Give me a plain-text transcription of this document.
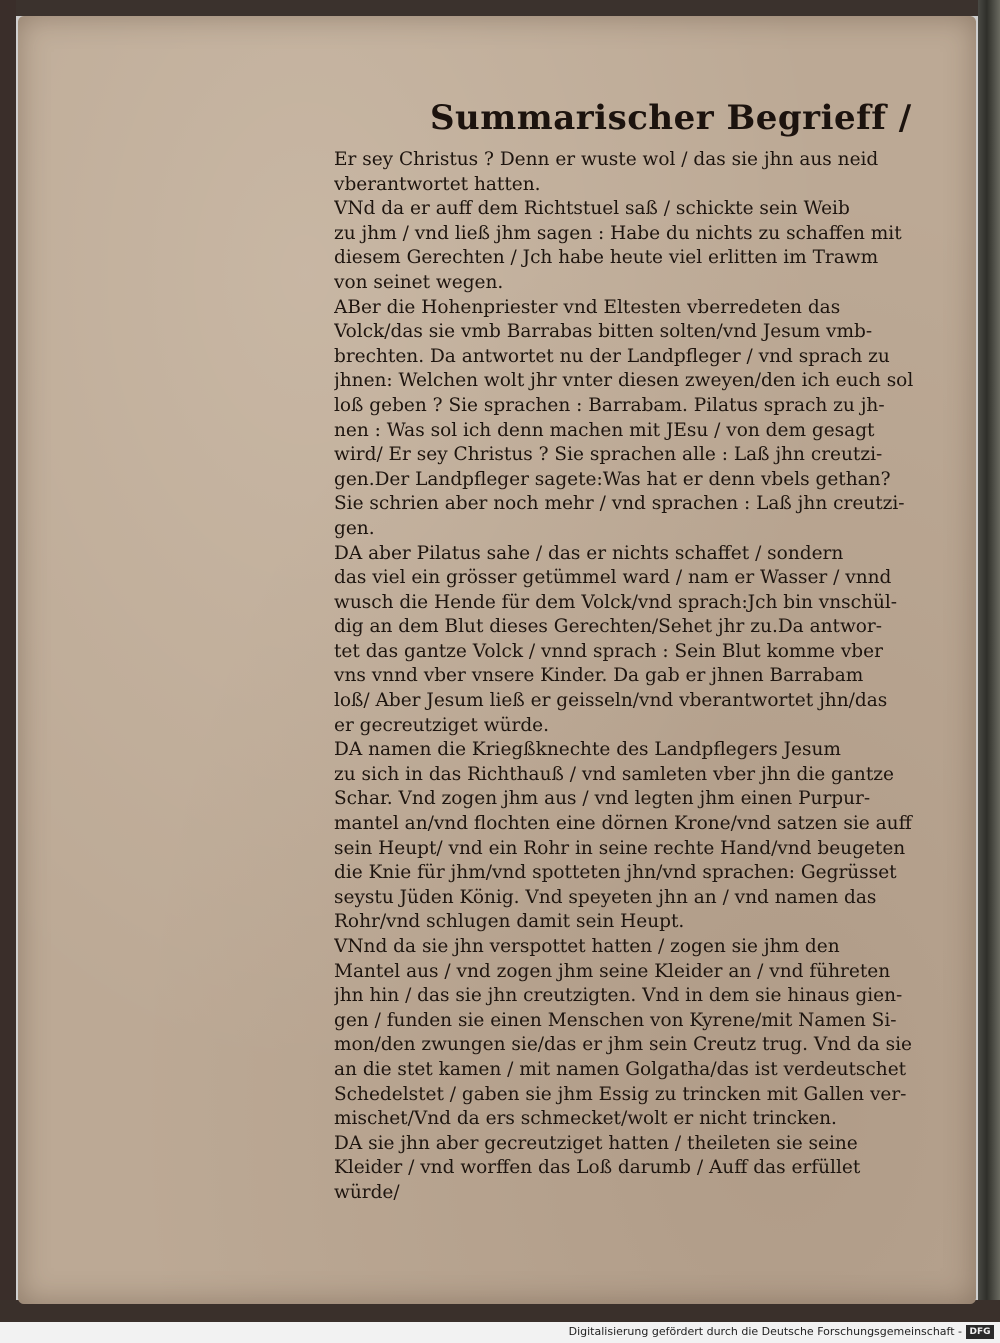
Summarischer Begrieff /
Er sey Christus ? Denn er wuste wol / das sie jhn aus neid
vberantwortet hatten.
VNd da er auff dem Richtstuel saß / schickte sein Weib
zu jhm / vnd ließ jhm sagen : Habe du nichts zu schaffen mit
diesem Gerechten / Jch habe heute viel erlitten im Trawm
von seinet wegen.
ABer die Hohenpriester vnd Eltesten vberredeten das
Volck/das sie vmb Barrabas bitten solten/vnd Jesum vmb-
brechten. Da antwortet nu der Landpfleger / vnd sprach zu
jhnen: Welchen wolt jhr vnter diesen zweyen/den ich euch sol
loß geben ? Sie sprachen : Barrabam. Pilatus sprach zu jh-
nen : Was sol ich denn machen mit JEsu / von dem gesagt
wird/ Er sey Christus ? Sie sprachen alle : Laß jhn creutzi-
gen.Der Landpfleger sagete:Was hat er denn vbels gethan?
Sie schrien aber noch mehr / vnd sprachen : Laß jhn creutzi-
gen.
DA aber Pilatus sahe / das er nichts schaffet / sondern
das viel ein grösser getümmel ward / nam er Wasser / vnnd
wusch die Hende für dem Volck/vnd sprach:Jch bin vnschül-
dig an dem Blut dieses Gerechten/Sehet jhr zu.Da antwor-
tet das gantze Volck / vnnd sprach : Sein Blut komme vber
vns vnnd vber vnsere Kinder. Da gab er jhnen Barrabam
loß/ Aber Jesum ließ er geisseln/vnd vberantwortet jhn/das
er gecreutziget würde.
DA namen die Kriegßknechte des Landpflegers Jesum
zu sich in das Richthauß / vnd samleten vber jhn die gantze
Schar. Vnd zogen jhm aus / vnd legten jhm einen Purpur-
mantel an/vnd flochten eine dörnen Krone/vnd satzen sie auff
sein Heupt/ vnd ein Rohr in seine rechte Hand/vnd beugeten
die Knie für jhm/vnd spotteten jhn/vnd sprachen: Gegrüsset
seystu Jüden König. Vnd speyeten jhn an / vnd namen das
Rohr/vnd schlugen damit sein Heupt.
VNnd da sie jhn verspottet hatten / zogen sie jhm den
Mantel aus / vnd zogen jhm seine Kleider an / vnd führeten
jhn hin / das sie jhn creutzigten. Vnd in dem sie hinaus gien-
gen / funden sie einen Menschen von Kyrene/mit Namen Si-
mon/den zwungen sie/das er jhm sein Creutz trug. Vnd da sie
an die stet kamen / mit namen Golgatha/das ist verdeutschet
Schedelstet / gaben sie jhm Essig zu trincken mit Gallen ver-
mischet/Vnd da ers schmecket/wolt er nicht trincken.
DA sie jhn aber gecreutziget hatten / theileten sie seine
Kleider / vnd worffen das Loß darumb / Auff das erfüllet
würde/
Digitalisierung gefördert durch die Deutsche Forschungsgemeinschaft - DFG
